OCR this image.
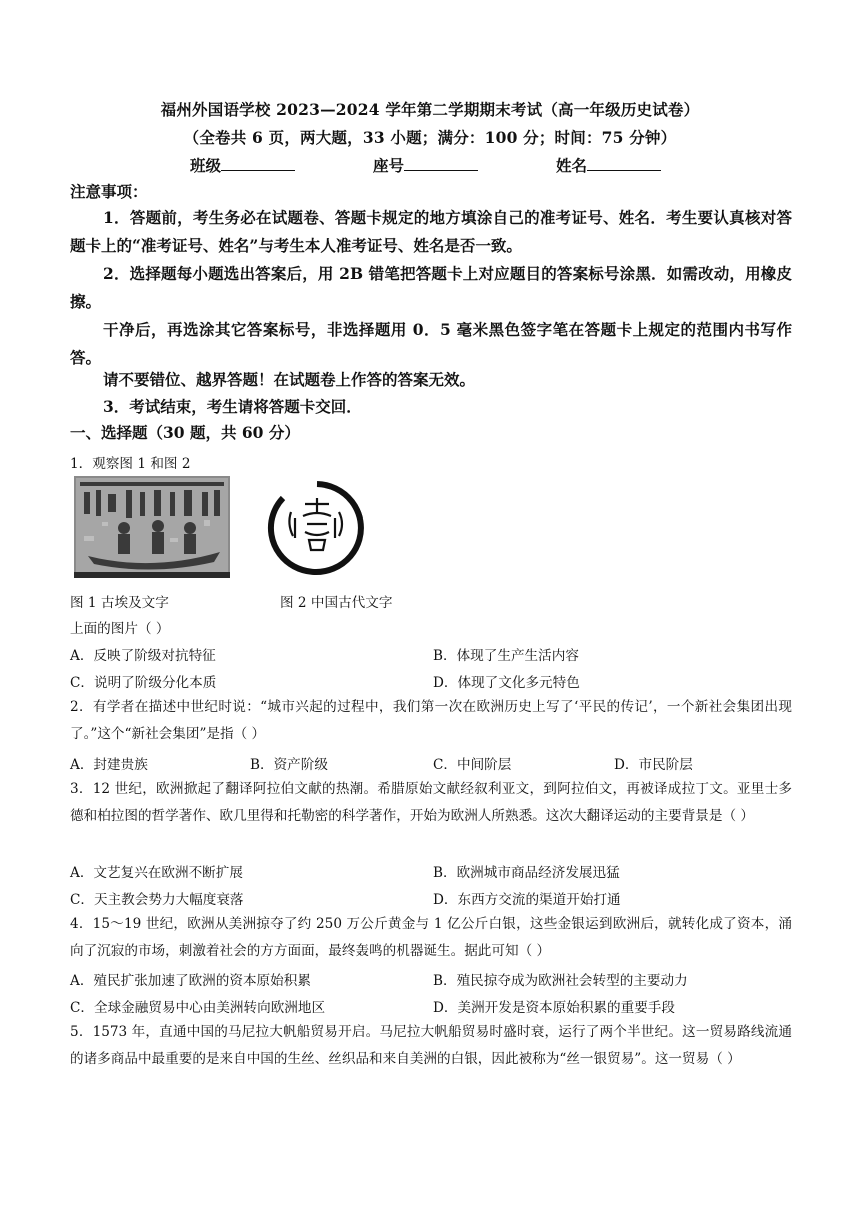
福州外国语学校 2023—2024 学年第二学期期末考试（高一年级历史试卷）
（全卷共 6 页，两大题，33 小题；满分：100 分；时间：75 分钟）
班级	座号	姓名
注意事项：
1．答题前，考生务必在试题卷、答题卡规定的地方填涂自己的准考证号、姓名．考生要认真核对答题卡上的“准考证号、姓名”与考生本人准考证号、姓名是否一致。
2．选择题每小题选出答案后，用 2B 错笔把答题卡上对应题目的答案标号涂黑．如需改动，用橡皮擦。
干净后，再选涂其它答案标号，非选择题用 0．5 毫米黑色签字笔在答题卡上规定的范围内书写作答。
请不要错位、越界答题！在试题卷上作答的答案无效。
3．考试结束，考生请将答题卡交回．
一、选择题（30 题，共 60 分）
1．观察图 1 和图 2
图 1 古埃及文字	图 2 中国古代文字
上面的图片（ ）
A．反映了阶级对抗特征	B．体现了生产生活内容
C．说明了阶级分化本质	D．体现了文化多元特色
2．有学者在描述中世纪时说：“城市兴起的过程中，我们第一次在欧洲历史上写了‘平民的传记’，一个新社会集团出现了。”这个“新社会集团”是指（ ）
A．封建贵族	B．资产阶级	C．中间阶层	D．市民阶层
3．12 世纪，欧洲掀起了翻译阿拉伯文献的热潮。希腊原始文献经叙利亚文，到阿拉伯文，再被译成拉丁文。亚里士多德和柏拉图的哲学著作、欧几里得和托勒密的科学著作，开始为欧洲人所熟悉。这次大翻译运动的主要背景是（ ）
A．文艺复兴在欧洲不断扩展	B．欧洲城市商品经济发展迅猛
C．天主教会势力大幅度衰落	D．东西方交流的渠道开始打通
4．15～19 世纪，欧洲从美洲掠夺了约 250 万公斤黄金与 1 亿公斤白银，这些金银运到欧洲后，就转化成了资本，涌向了沉寂的市场，刺激着社会的方方面面，最终轰鸣的机器诞生。据此可知（ ）
A．殖民扩张加速了欧洲的资本原始积累	B．殖民掠夺成为欧洲社会转型的主要动力
C．全球金融贸易中心由美洲转向欧洲地区	D．美洲开发是资本原始积累的重要手段
5．1573 年，直通中国的马尼拉大帆船贸易开启。马尼拉大帆船贸易时盛时衰，运行了两个半世纪。这一贸易路线流通的诸多商品中最重要的是来自中国的生丝、丝织品和来自美洲的白银，因此被称为“丝一银贸易”。这一贸易（ ）
